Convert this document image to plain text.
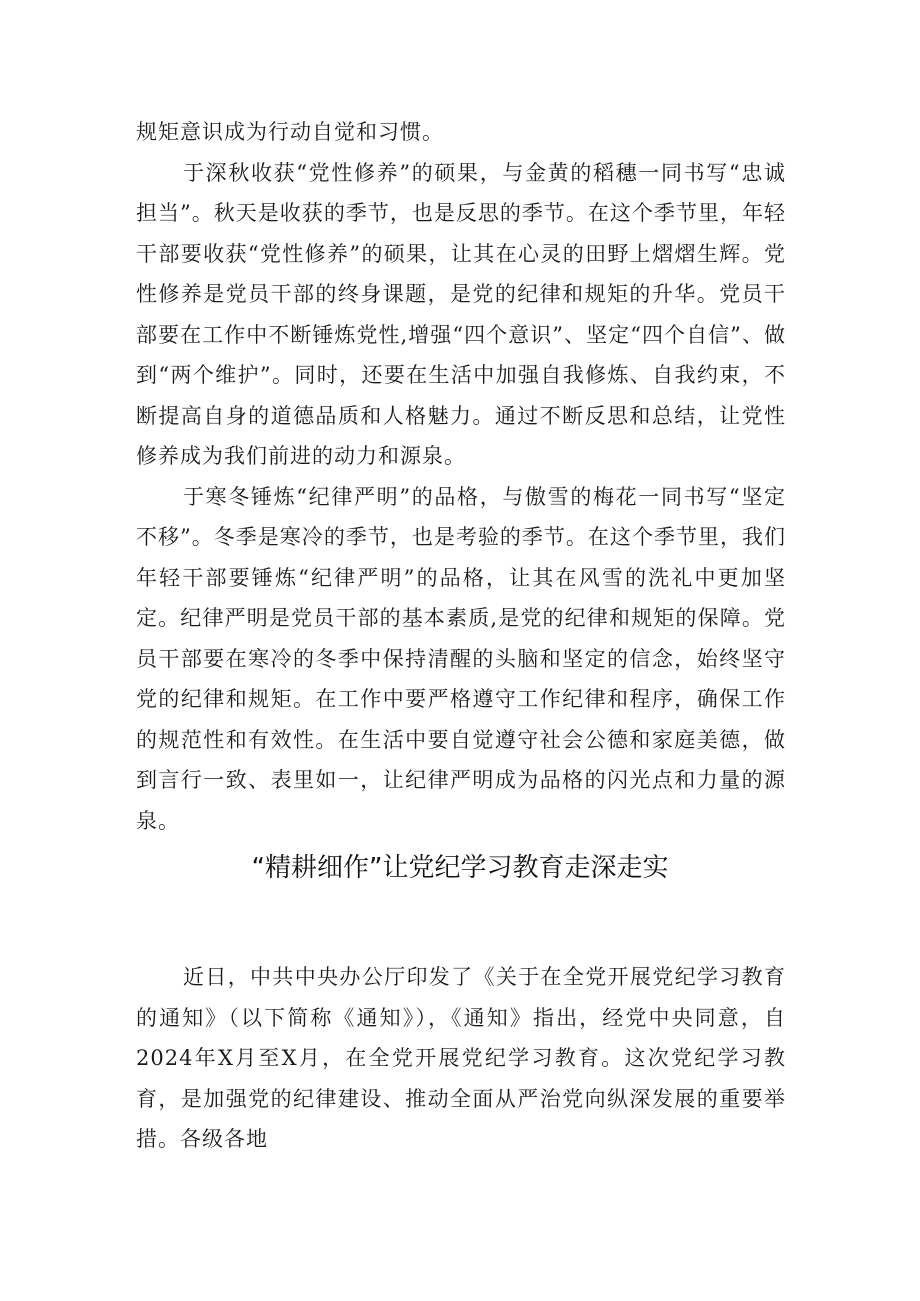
规矩意识成为行动自觉和习惯。

于深秋收获“党性修养”的硕果，与金黄的稻穗一同书写“忠诚担当”。秋天是收获的季节，也是反思的季节。在这个季节里，年轻干部要收获“党性修养”的硕果，让其在心灵的田野上熠熠生辉。党性修养是党员干部的终身课题，是党的纪律和规矩的升华。党员干部要在工作中不断锤炼党性,增强“四个意识”、坚定“四个自信”、做到“两个维护”。同时，还要在生活中加强自我修炼、自我约束，不断提高自身的道德品质和人格魅力。通过不断反思和总结，让党性修养成为我们前进的动力和源泉。

于寒冬锤炼“纪律严明”的品格，与傲雪的梅花一同书写“坚定不移”。冬季是寒冷的季节，也是考验的季节。在这个季节里，我们年轻干部要锤炼“纪律严明”的品格，让其在风雪的洗礼中更加坚定。纪律严明是党员干部的基本素质,是党的纪律和规矩的保障。党员干部要在寒冷的冬季中保持清醒的头脑和坚定的信念，始终坚守党的纪律和规矩。在工作中要严格遵守工作纪律和程序，确保工作的规范性和有效性。在生活中要自觉遵守社会公德和家庭美德，做到言行一致、表里如一，让纪律严明成为品格的闪光点和力量的源泉。

“精耕细作”让党纪学习教育走深走实

近日，中共中央办公厅印发了《关于在全党开展党纪学习教育的通知》（以下简称《通知》），《通知》指出，经党中央同意，自2024年X月至X月，在全党开展党纪学习教育。这次党纪学习教育，是加强党的纪律建设、推动全面从严治党向纵深发展的重要举措。各级各地
